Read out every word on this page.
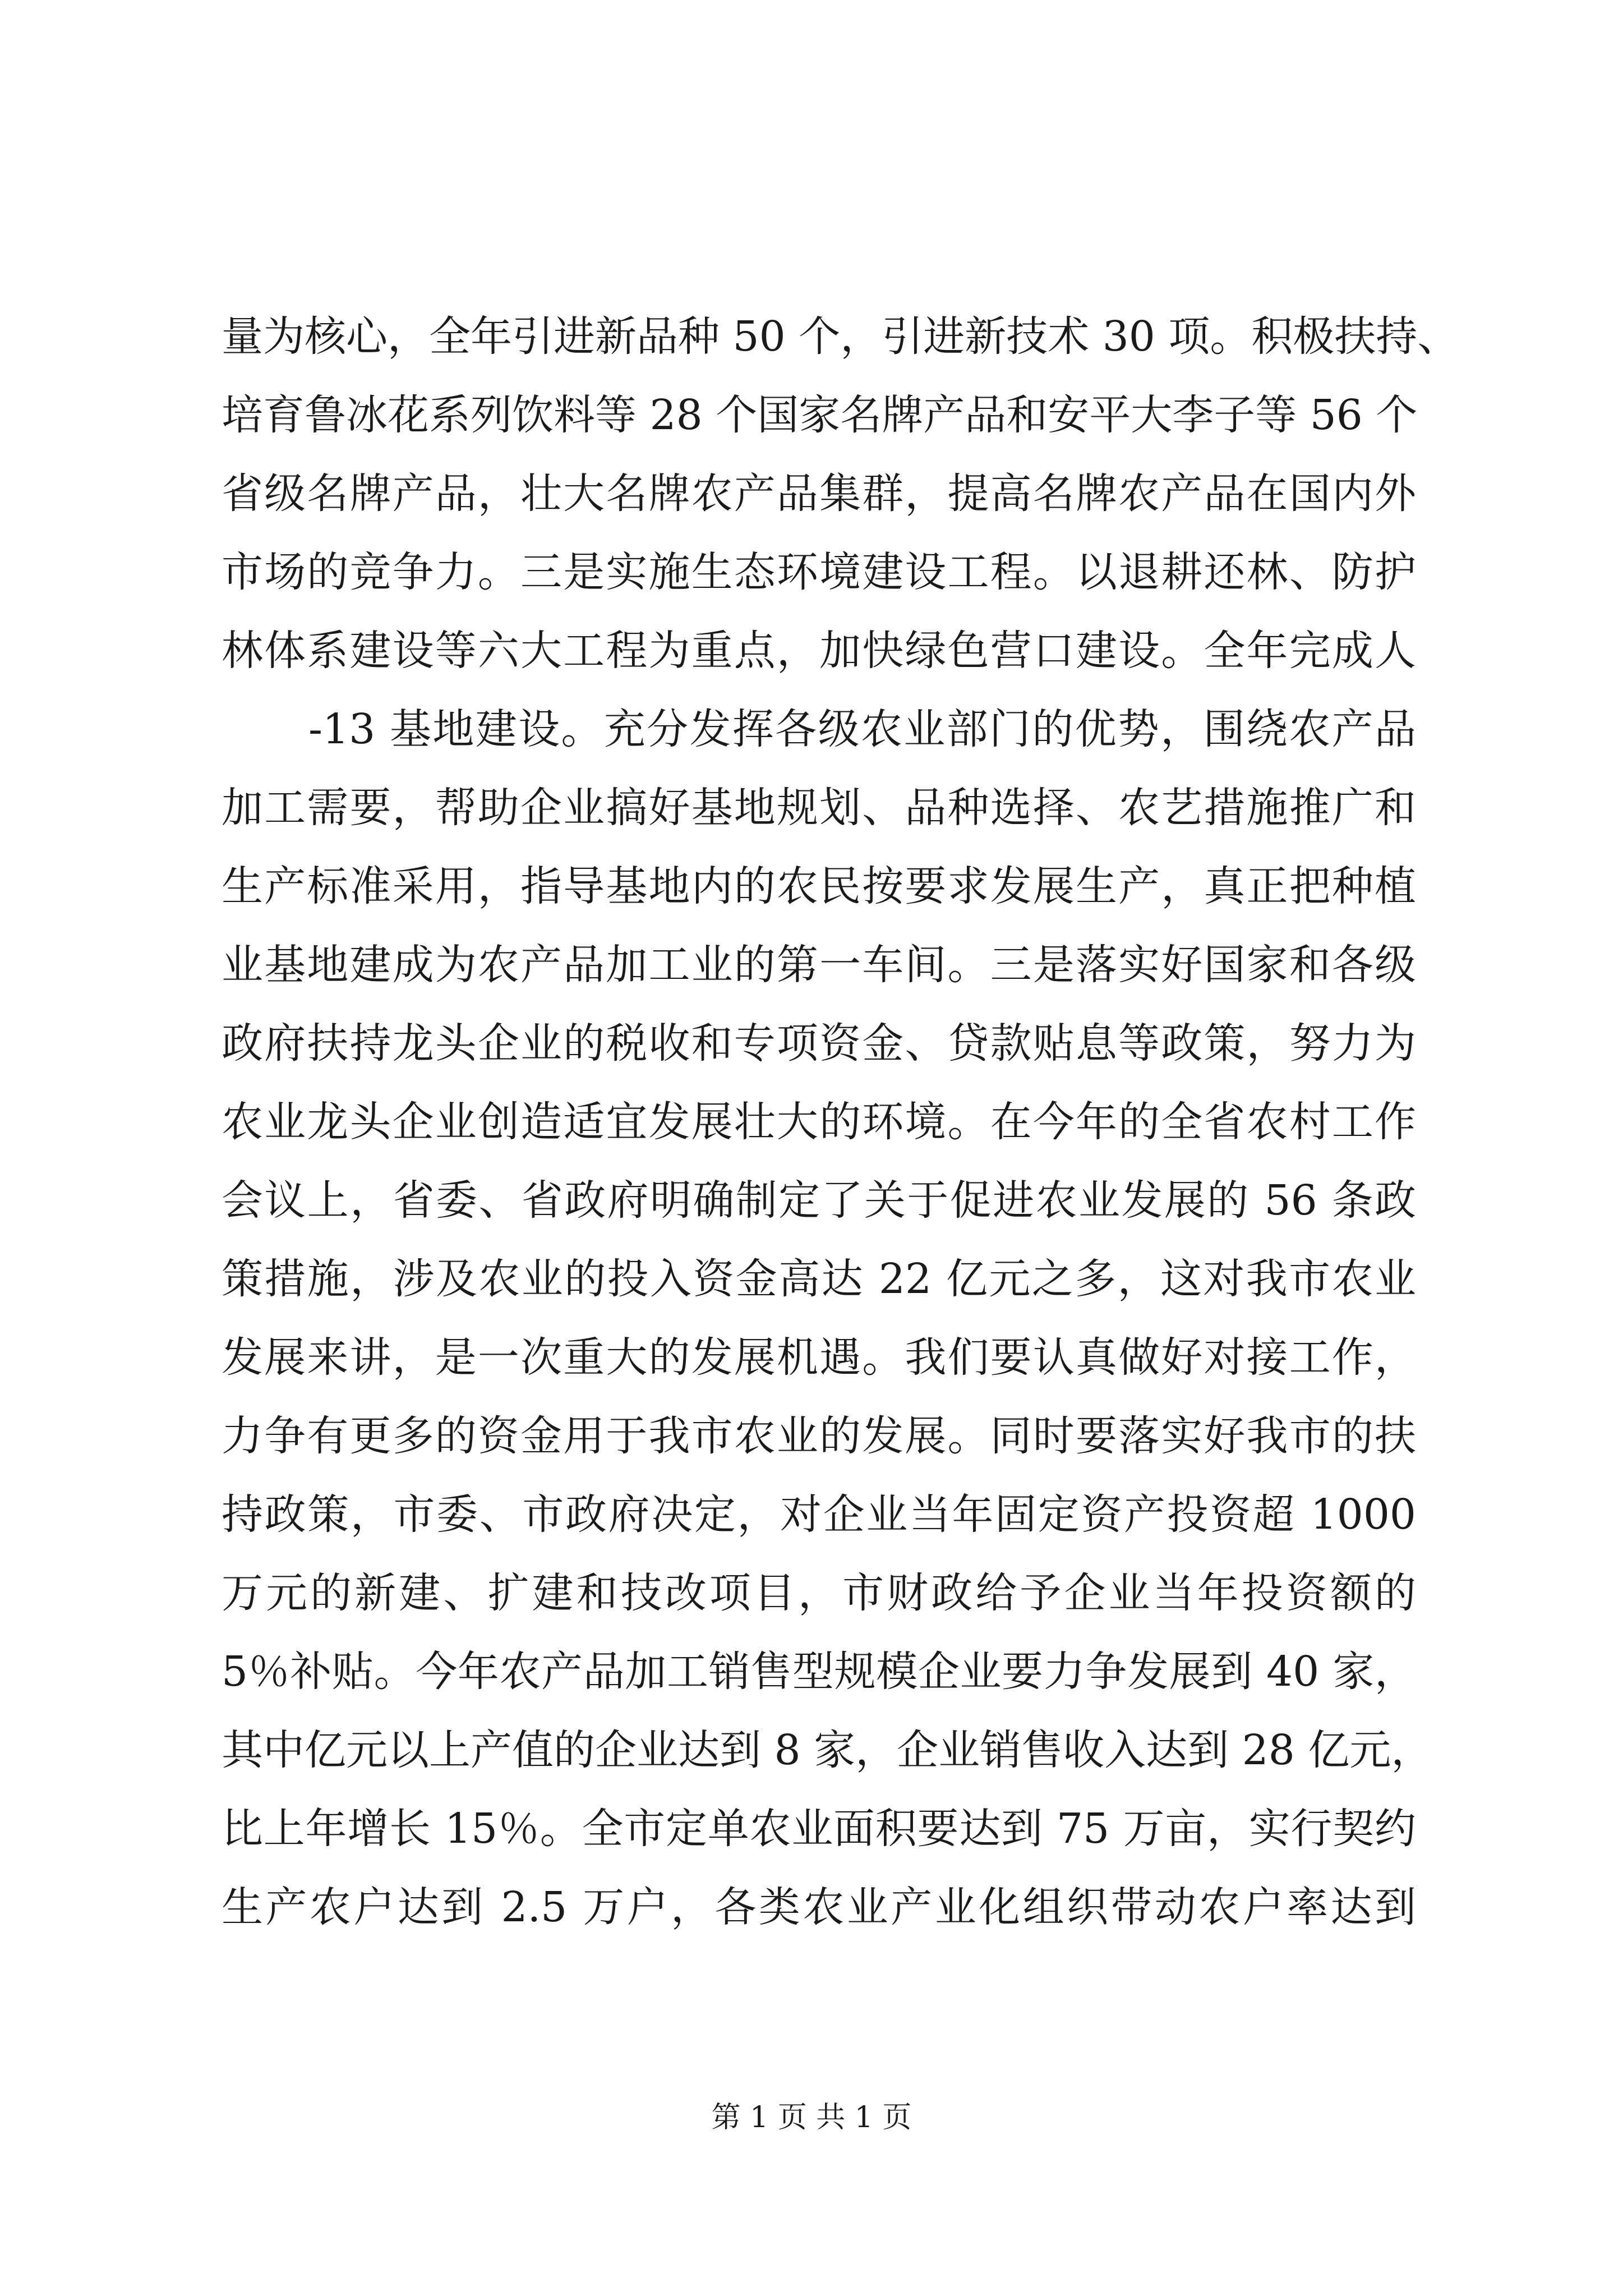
量为核心，全年引进新品种 50 个，引进新技术 30 项。积极扶持、
培育鲁冰花系列饮料等 28 个国家名牌产品和安平大李子等 56 个
省级名牌产品，壮大名牌农产品集群，提高名牌农产品在国内外
市场的竞争力。三是实施生态环境建设工程。以退耕还林、防护
林体系建设等六大工程为重点，加快绿色营口建设。全年完成人
-13 基地建设。充分发挥各级农业部门的优势，围绕农产品
加工需要，帮助企业搞好基地规划、品种选择、农艺措施推广和
生产标准采用，指导基地内的农民按要求发展生产，真正把种植
业基地建成为农产品加工业的第一车间。三是落实好国家和各级
政府扶持龙头企业的税收和专项资金、贷款贴息等政策，努力为
农业龙头企业创造适宜发展壮大的环境。在今年的全省农村工作
会议上，省委、省政府明确制定了关于促进农业发展的 56 条政
策措施，涉及农业的投入资金高达 22 亿元之多，这对我市农业
发展来讲，是一次重大的发展机遇。我们要认真做好对接工作，
力争有更多的资金用于我市农业的发展。同时要落实好我市的扶
持政策，市委、市政府决定，对企业当年固定资产投资超 1000
万元的新建、扩建和技改项目，市财政给予企业当年投资额的
5％补贴。今年农产品加工销售型规模企业要力争发展到 40 家，
其中亿元以上产值的企业达到 8 家，企业销售收入达到 28 亿元，
比上年增长 15％。全市定单农业面积要达到 75 万亩，实行契约
生产农户达到 2.5 万户，各类农业产业化组织带动农户率达到
第 1 页 共 1 页
